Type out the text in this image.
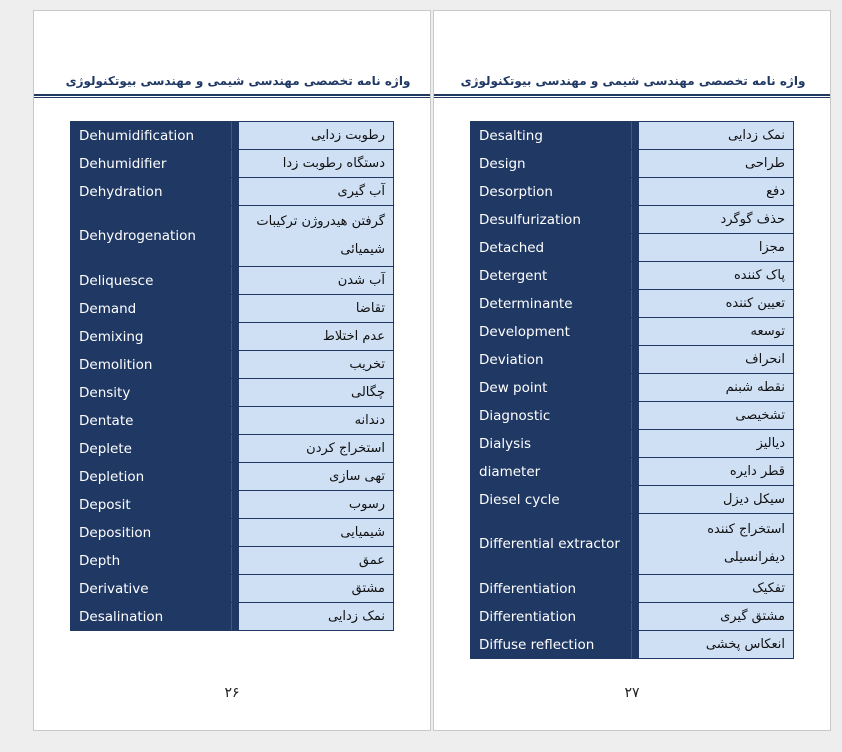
واژه نامه تخصصی مهندسی شیمی و مهندسی بیوتکنولوژی
Dehumidification	رطوبت زدایی
Dehumidifier	دستگاه رطوبت زدا
Dehydration	آب گیری
Dehydrogenation	گرفتن هیدروژن ترکیبات شیمیائی
Deliquesce	آب شدن
Demand	تقاضا
Demixing	عدم اختلاط
Demolition	تخریب
Density	چگالی
Dentate	دندانه
Deplete	استخراج کردن
Depletion	تهی سازی
Deposit	رسوب
Deposition	شیمیایی
Depth	عمق
Derivative	مشتق
Desalination	نمک زدایی
۲۶
واژه نامه تخصصی مهندسی شیمی و مهندسی بیوتکنولوژی
Desalting	نمک زدایی
Design	طراحی
Desorption	دفع
Desulfurization	حذف گوگرد
Detached	مجزا
Detergent	پاک کننده
Determinante	تعیین کننده
Development	توسعه
Deviation	انحراف
Dew point	نقطه شبنم
Diagnostic	تشخیصی
Dialysis	دیالیز
diameter	قطر دایره
Diesel cycle	سیکل دیزل
Differential extractor	استخراج کننده دیفرانسیلی
Differentiation	تفکیک
Differentiation	مشتق گیری
Diffuse reflection	انعکاس پخشی
۲۷
